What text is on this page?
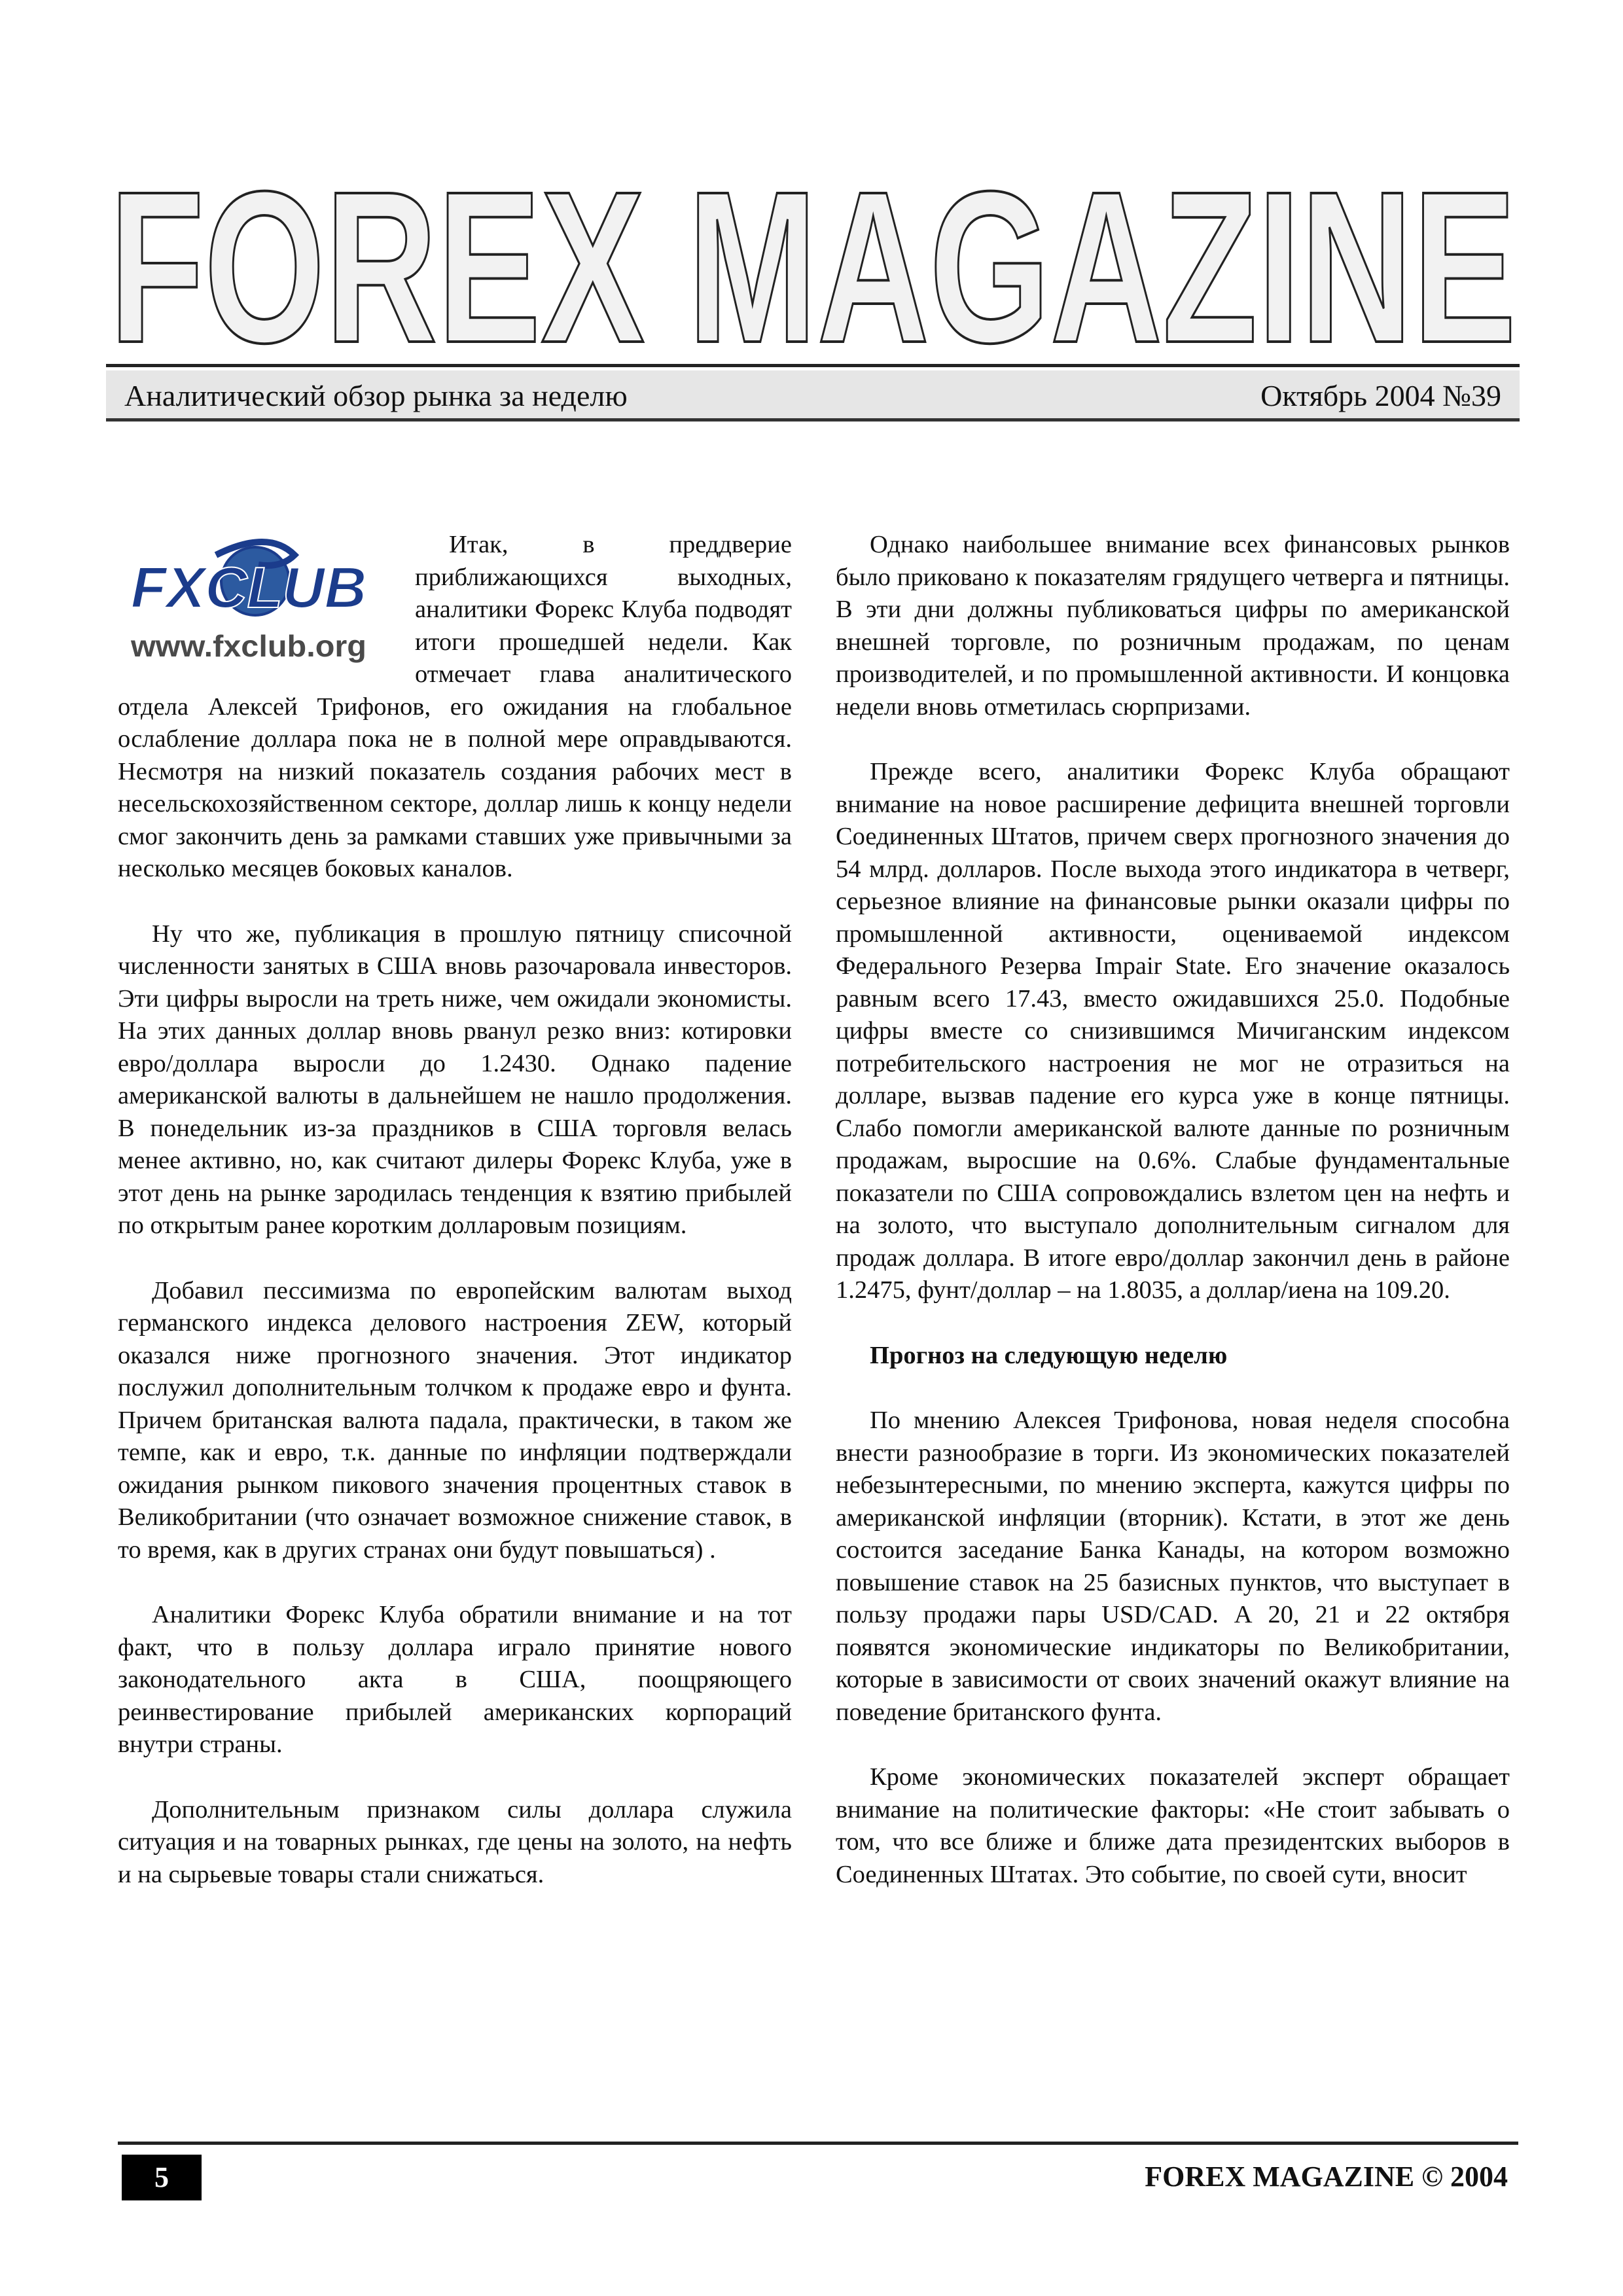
FOREX MAGAZINE
Аналитический обзор рынка за неделю	Октябрь 2004 №39
FXCLUB
www.fxclub.org

Итак, в преддверие приближающихся выходных, аналитики Форекс Клуба подводят итоги прошедшей недели. Как отмечает глава аналитического отдела Алексей Трифонов, его ожидания на глобальное ослабление доллара пока не в полной мере оправдываются. Несмотря на низкий показатель создания рабочих мест в несельскохозяйственном секторе, доллар лишь к концу недели смог закончить день за рамками ставших уже привычными за несколько месяцев боковых каналов.

Ну что же, публикация в прошлую пятницу списочной численности занятых в США вновь разочаровала инвесторов. Эти цифры выросли на треть ниже, чем ожидали экономисты. На этих данных доллар вновь рванул резко вниз: котировки евро/доллара выросли до 1.2430. Однако падение американской валюты в дальнейшем не нашло продолжения. В понедельник из-за праздников в США торговля велась менее активно, но, как считают дилеры Форекс Клуба, уже в этот день на рынке зародилась тенденция к взятию прибылей по открытым ранее коротким долларовым позициям.

Добавил пессимизма по европейским валютам выход германского индекса делового настроения ZEW, который оказался ниже прогнозного значения. Этот индикатор послужил дополнительным толчком к продаже евро и фунта. Причем британская валюта падала, практически, в таком же темпе, как и евро, т.к. данные по инфляции подтверждали ожидания рынком пикового значения процентных ставок в Великобритании (что означает возможное снижение ставок, в то время, как в других странах они будут повышаться) .

Аналитики Форекс Клуба обратили внимание и на тот факт, что в пользу доллара играло принятие нового законодательного акта в США, поощряющего реинвестирование прибылей американских корпораций внутри страны.

Дополнительным признаком силы доллара служила ситуация и на товарных рынках, где цены на золото, на нефть и на сырьевые товары стали снижаться.

Однако наибольшее внимание всех финансовых рынков было приковано к показателям грядущего четверга и пятницы. В эти дни должны публиковаться цифры по американской внешней торговле, по розничным продажам, по ценам производителей, и по промышленной активности. И концовка недели вновь отметилась сюрпризами.

Прежде всего, аналитики Форекс Клуба обращают внимание на новое расширение дефицита внешней торговли Соединенных Штатов, причем сверх прогнозного значения до 54 млрд. долларов. После выхода этого индикатора в четверг, серьезное влияние на финансовые рынки оказали цифры по промышленной активности, оцениваемой индексом Федерального Резерва Impair State. Его значение оказалось равным всего 17.43, вместо ожидавшихся 25.0. Подобные цифры вместе со снизившимся Мичиганским индексом потребительского настроения не мог не отразиться на долларе, вызвав падение его курса уже в конце пятницы. Слабо помогли американской валюте данные по розничным продажам, выросшие на 0.6%. Слабые фундаментальные показатели по США сопровождались взлетом цен на нефть и на золото, что выступало дополнительным сигналом для продаж доллара. В итоге евро/доллар закончил день в районе 1.2475, фунт/доллар – на 1.8035, а доллар/иена на 109.20.

Прогноз на следующую неделю

По мнению Алексея Трифонова, новая неделя способна внести разнообразие в торги. Из экономических показателей небезынтересными, по мнению эксперта, кажутся цифры по американской инфляции (вторник). Кстати, в этот же день состоится заседание Банка Канады, на котором возможно повышение ставок на 25 базисных пунктов, что выступает в пользу продажи пары USD/CAD. А 20, 21 и 22 октября появятся экономические индикаторы по Великобритании, которые в зависимости от своих значений окажут влияние на поведение британского фунта.

Кроме экономических показателей эксперт обращает внимание на политические факторы: «Не стоит забывать о том, что все ближе и ближе дата президентских выборов в Соединенных Штатах. Это событие, по своей сути, вносит

5	FOREX MAGAZINE © 2004
